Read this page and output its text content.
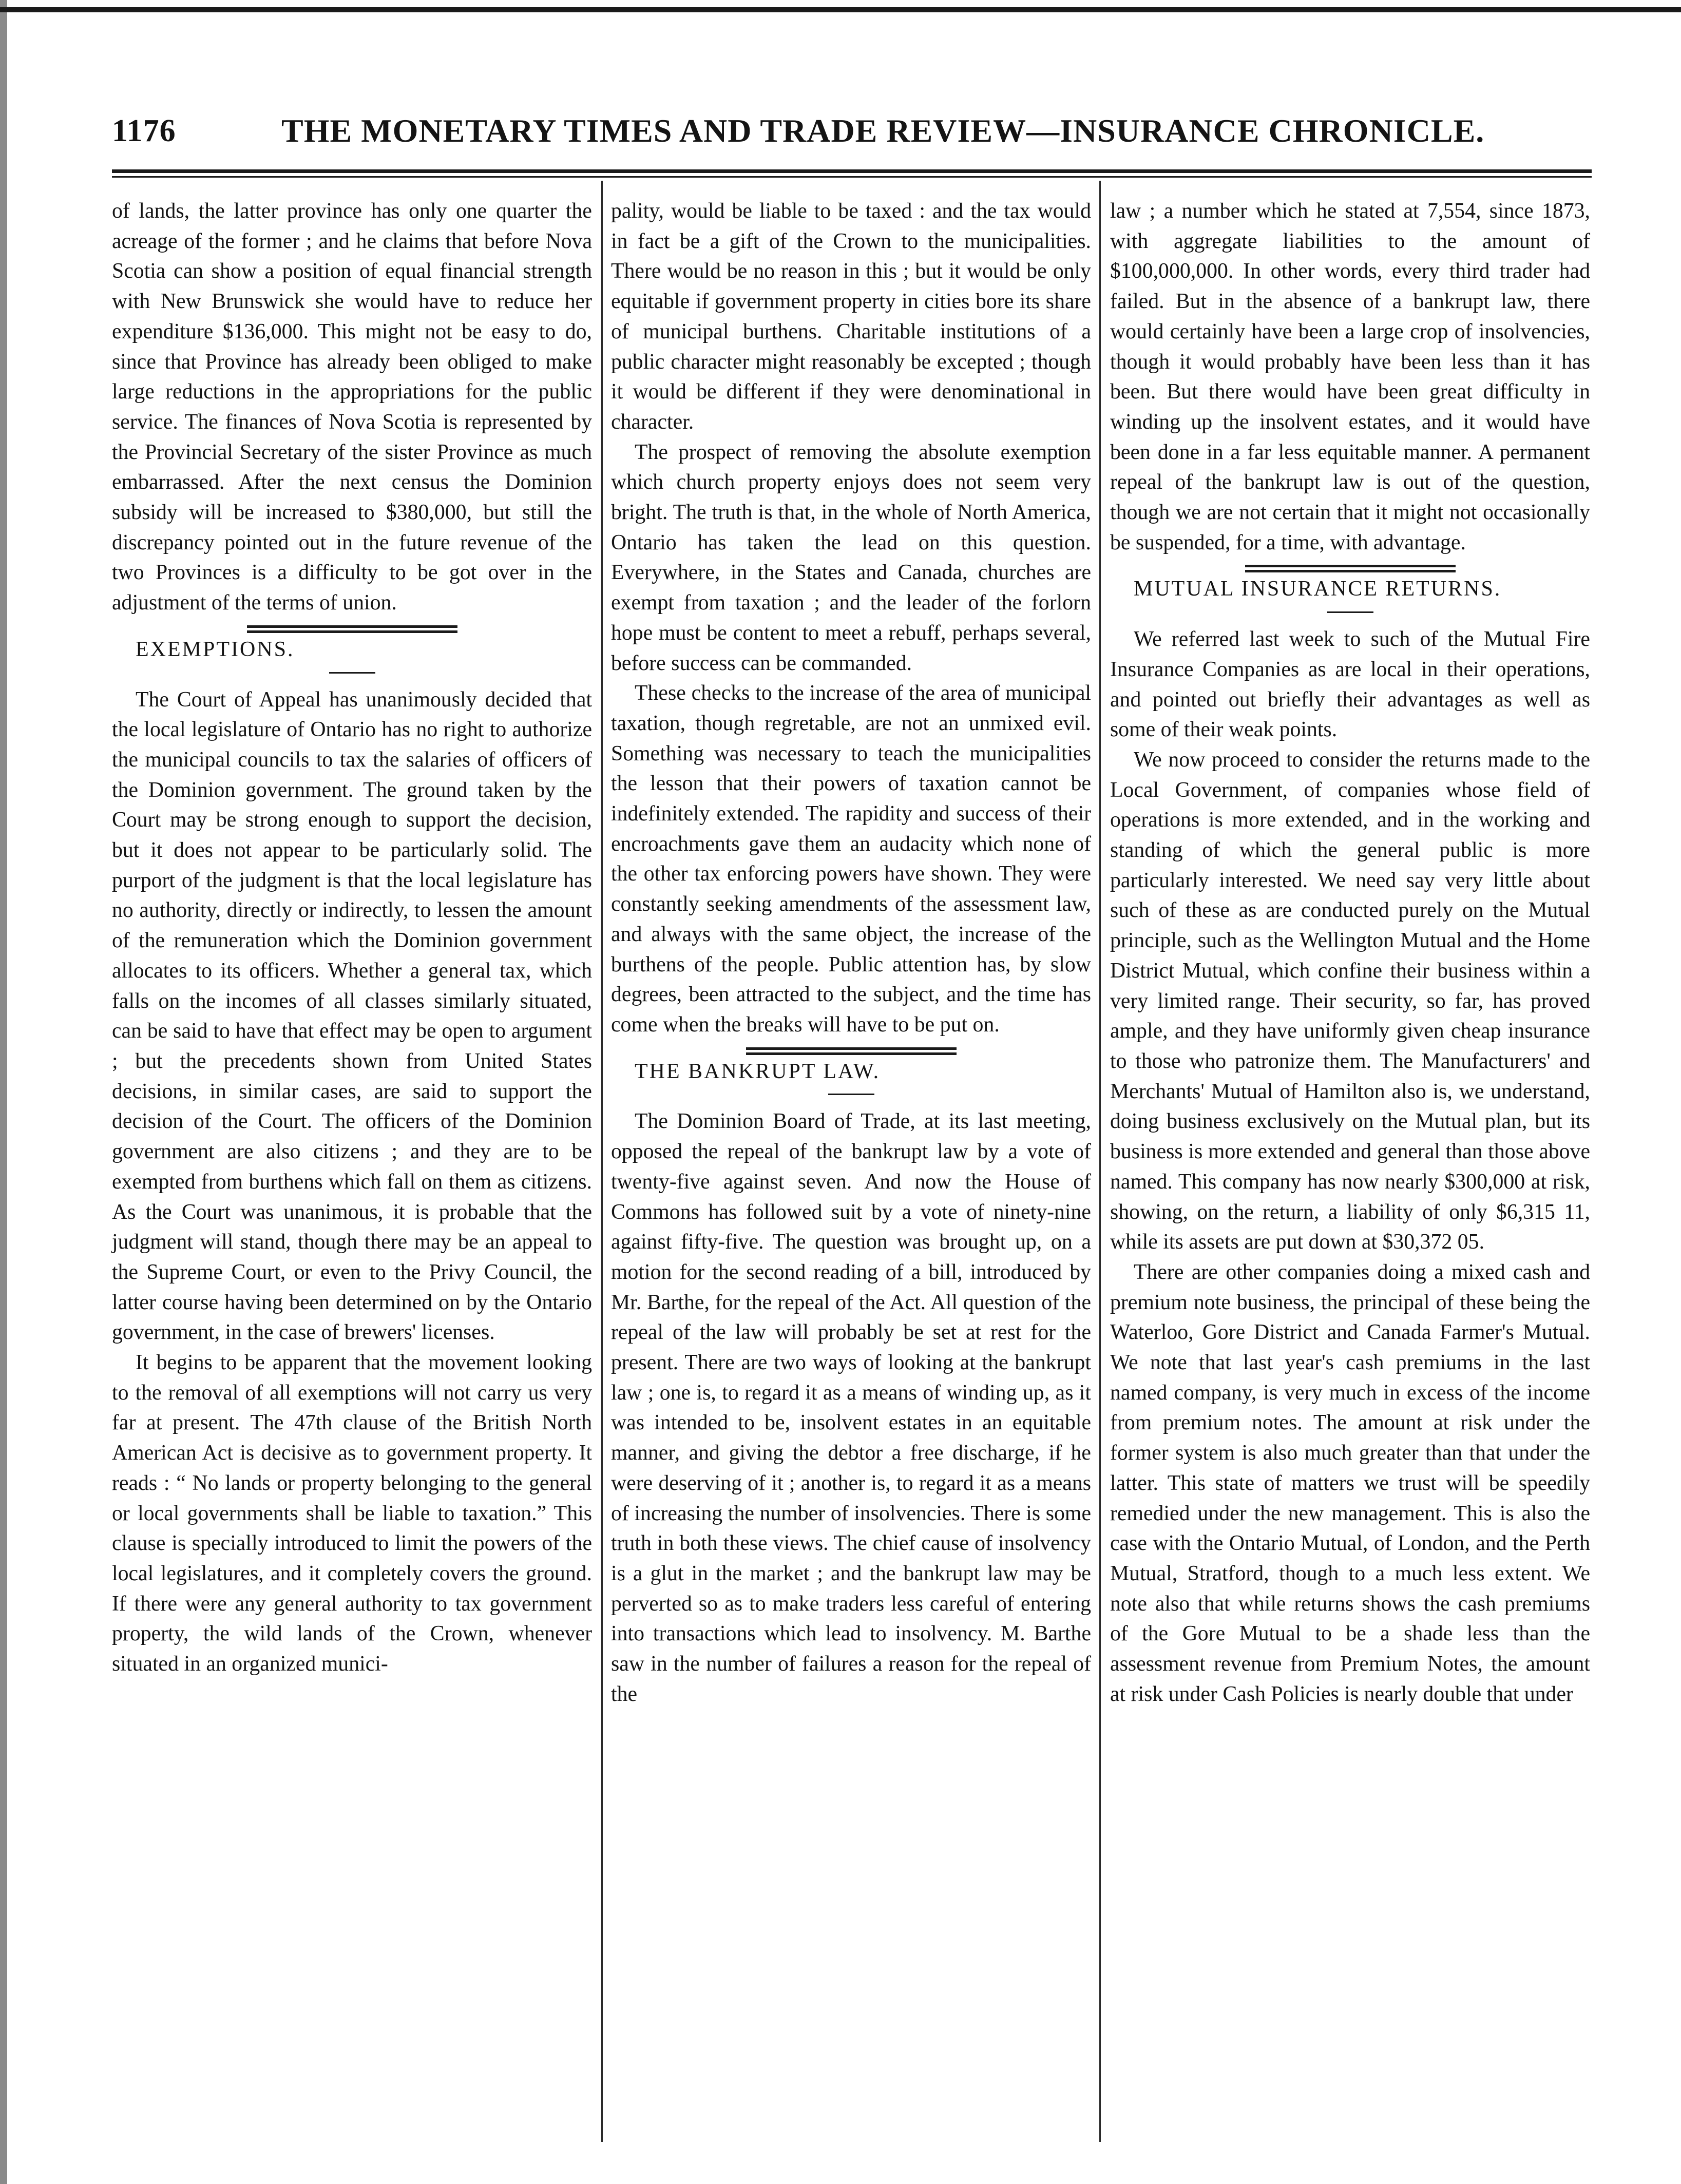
1176	THE MONETARY TIMES AND TRADE REVIEW—INSURANCE CHRONICLE.

of lands, the latter province has only one quarter the acreage of the former ; and he claims that before Nova Scotia can show a position of equal financial strength with New Brunswick she would have to reduce her expenditure $136,000. This might not be easy to do, since that Province has already been obliged to make large reductions in the appropriations for the public service. The finances of Nova Scotia is represented by the Provincial Secretary of the sister Province as much embarrassed. After the next census the Dominion subsidy will be increased to $380,000, but still the discrepancy pointed out in the future revenue of the two Provinces is a difficulty to be got over in the adjustment of the terms of union.

EXEMPTIONS.

The Court of Appeal has unanimously decided that the local legislature of Ontario has no right to authorize the municipal councils to tax the salaries of officers of the Dominion government. The ground taken by the Court may be strong enough to support the decision, but it does not appear to be particularly solid. The purport of the judgment is that the local legislature has no authority, directly or indirectly, to lessen the amount of the remuneration which the Dominion government allocates to its officers. Whether a general tax, which falls on the incomes of all classes similarly situated, can be said to have that effect may be open to argument ; but the precedents shown from United States decisions, in similar cases, are said to support the decision of the Court. The officers of the Dominion government are also citizens ; and they are to be exempted from burthens which fall on them as citizens. As the Court was unanimous, it is probable that the judgment will stand, though there may be an appeal to the Supreme Court, or even to the Privy Council, the latter course having been determined on by the Ontario government, in the case of brewers' licenses.

It begins to be apparent that the movement looking to the removal of all exemptions will not carry us very far at present. The 47th clause of the British North American Act is decisive as to government property. It reads : “ No lands or property belonging to the general or local governments shall be liable to taxation.” This clause is specially introduced to limit the powers of the local legislatures, and it completely covers the ground. If there were any general authority to tax government property, the wild lands of the Crown, whenever situated in an organized munici-

pality, would be liable to be taxed : and the tax would in fact be a gift of the Crown to the municipalities. There would be no reason in this ; but it would be only equitable if government property in cities bore its share of municipal burthens. Charitable institutions of a public character might reasonably be excepted ; though it would be different if they were denominational in character.

The prospect of removing the absolute exemption which church property enjoys does not seem very bright. The truth is that, in the whole of North America, Ontario has taken the lead on this question. Everywhere, in the States and Canada, churches are exempt from taxation ; and the leader of the forlorn hope must be content to meet a rebuff, perhaps several, before success can be commanded.

These checks to the increase of the area of municipal taxation, though regretable, are not an unmixed evil. Something was necessary to teach the municipalities the lesson that their powers of taxation cannot be indefinitely extended. The rapidity and success of their encroachments gave them an audacity which none of the other tax enforcing powers have shown. They were constantly seeking amendments of the assessment law, and always with the same object, the increase of the burthens of the people. Public attention has, by slow degrees, been attracted to the subject, and the time has come when the breaks will have to be put on.

THE BANKRUPT LAW.

The Dominion Board of Trade, at its last meeting, opposed the repeal of the bankrupt law by a vote of twenty-five against seven. And now the House of Commons has followed suit by a vote of ninety-nine against fifty-five. The question was brought up, on a motion for the second reading of a bill, introduced by Mr. Barthe, for the repeal of the Act. All question of the repeal of the law will probably be set at rest for the present. There are two ways of looking at the bankrupt law ; one is, to regard it as a means of winding up, as it was intended to be, insolvent estates in an equitable manner, and giving the debtor a free discharge, if he were deserving of it ; another is, to regard it as a means of increasing the number of insolvencies. There is some truth in both these views. The chief cause of insolvency is a glut in the market ; and the bankrupt law may be perverted so as to make traders less careful of entering into transactions which lead to insolvency. M. Barthe saw in the number of failures a reason for the repeal of the

law ; a number which he stated at 7,554, since 1873, with aggregate liabilities to the amount of $100,000,000. In other words, every third trader had failed. But in the absence of a bankrupt law, there would certainly have been a large crop of insolvencies, though it would probably have been less than it has been. But there would have been great difficulty in winding up the insolvent estates, and it would have been done in a far less equitable manner. A permanent repeal of the bankrupt law is out of the question, though we are not certain that it might not occasionally be suspended, for a time, with advantage.

MUTUAL INSURANCE RETURNS.

We referred last week to such of the Mutual Fire Insurance Companies as are local in their operations, and pointed out briefly their advantages as well as some of their weak points.

We now proceed to consider the returns made to the Local Government, of companies whose field of operations is more extended, and in the working and standing of which the general public is more particularly interested. We need say very little about such of these as are conducted purely on the Mutual principle, such as the Wellington Mutual and the Home District Mutual, which confine their business within a very limited range. Their security, so far, has proved ample, and they have uniformly given cheap insurance to those who patronize them. The Manufacturers' and Merchants' Mutual of Hamilton also is, we understand, doing business exclusively on the Mutual plan, but its business is more extended and general than those above named. This company has now nearly $300,000 at risk, showing, on the return, a liability of only $6,315 11, while its assets are put down at $30,372 05.

There are other companies doing a mixed cash and premium note business, the principal of these being the Waterloo, Gore District and Canada Farmer's Mutual. We note that last year's cash premiums in the last named company, is very much in excess of the income from premium notes. The amount at risk under the former system is also much greater than that under the latter. This state of matters we trust will be speedily remedied under the new management. This is also the case with the Ontario Mutual, of London, and the Perth Mutual, Stratford, though to a much less extent. We note also that while returns shows the cash premiums of the Gore Mutual to be a shade less than the assessment revenue from Premium Notes, the amount at risk under Cash Policies is nearly double that under
